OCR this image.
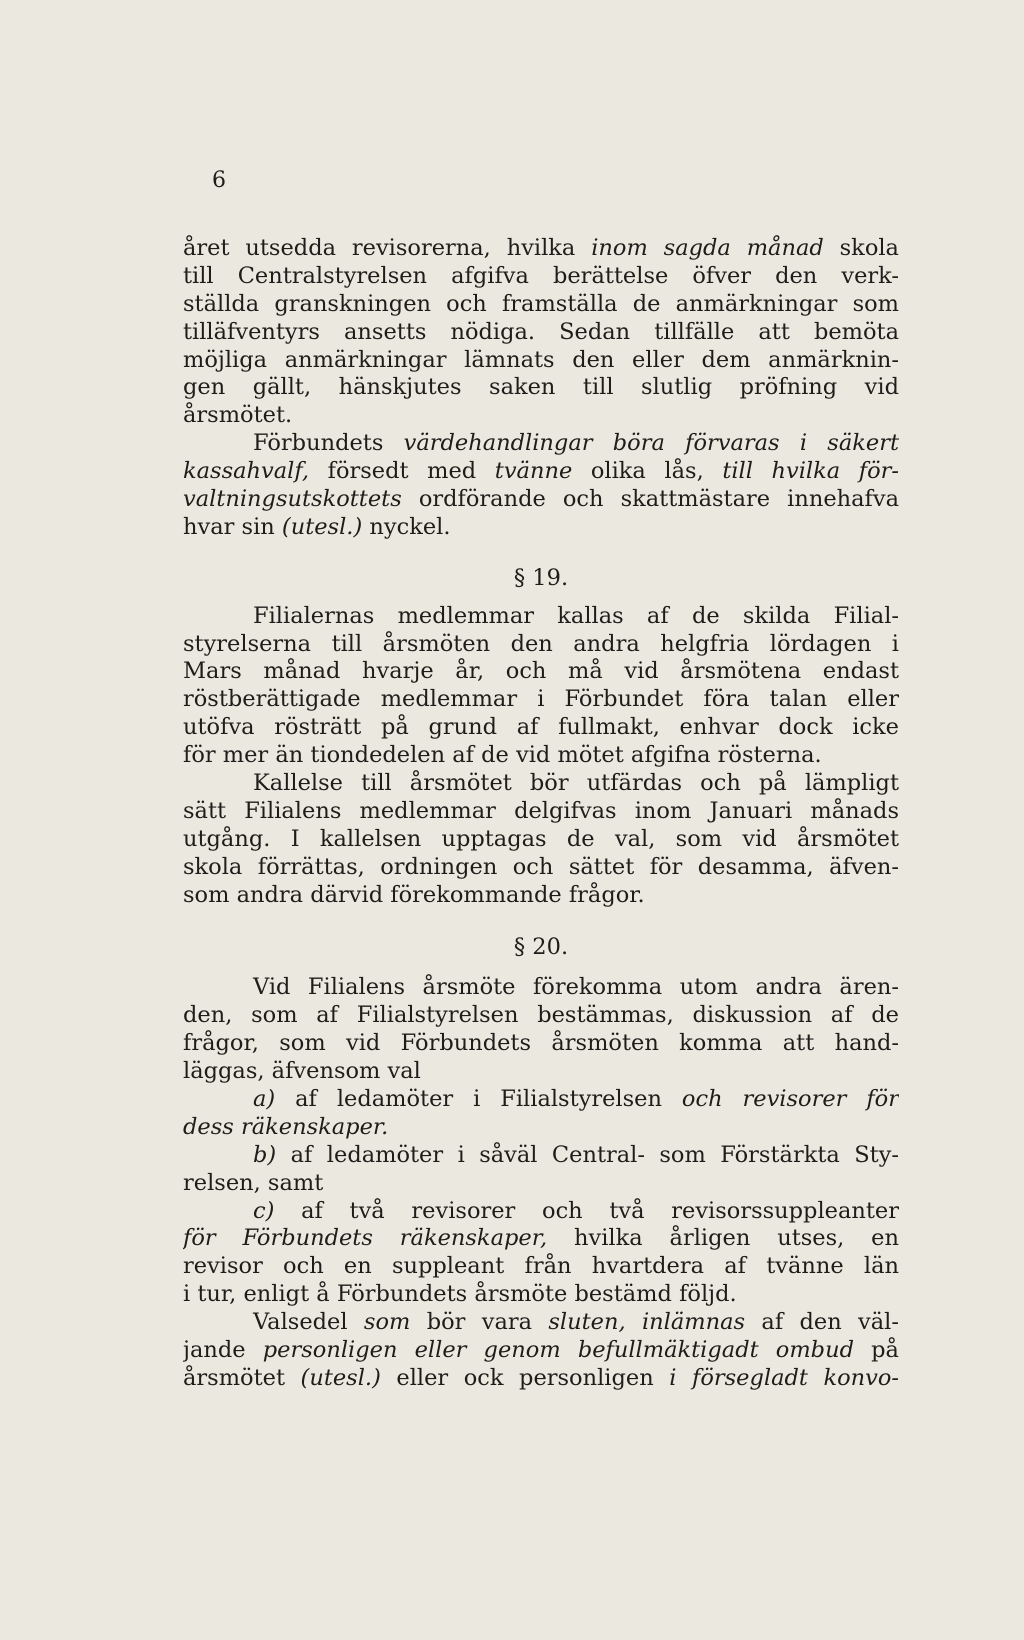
6
året utsedda revisorerna, hvilka inom sagda månad skola
till Centralstyrelsen afgifva berättelse öfver den verk-
ställda granskningen och framställa de anmärkningar som
tilläfventyrs ansetts nödiga. Sedan tillfälle att bemöta
möjliga anmärkningar lämnats den eller dem anmärknin-
gen gällt, hänskjutes saken till slutlig pröfning vid
årsmötet.
Förbundets värdehandlingar böra förvaras i säkert
kassahvalf, försedt med tvänne olika lås, till hvilka för-
valtningsutskottets ordförande och skattmästare innehafva
hvar sin (utesl.) nyckel.
§ 19.
Filialernas medlemmar kallas af de skilda Filial-
styrelserna till årsmöten den andra helgfria lördagen i
Mars månad hvarje år, och må vid årsmötena endast
röstberättigade medlemmar i Förbundet föra talan eller
utöfva rösträtt på grund af fullmakt, enhvar dock icke
för mer än tiondedelen af de vid mötet afgifna rösterna.
Kallelse till årsmötet bör utfärdas och på lämpligt
sätt Filialens medlemmar delgifvas inom Januari månads
utgång. I kallelsen upptagas de val, som vid årsmötet
skola förrättas, ordningen och sättet för desamma, äfven-
som andra därvid förekommande frågor.
§ 20.
Vid Filialens årsmöte förekomma utom andra ären-
den, som af Filialstyrelsen bestämmas, diskussion af de
frågor, som vid Förbundets årsmöten komma att hand-
läggas, äfvensom val
a) af ledamöter i Filialstyrelsen och revisorer för
dess räkenskaper.
b) af ledamöter i såväl Central- som Förstärkta Sty-
relsen, samt
c) af två revisorer och två revisorssuppleanter
för Förbundets räkenskaper, hvilka årligen utses, en
revisor och en suppleant från hvartdera af tvänne län
i tur, enligt å Förbundets årsmöte bestämd följd.
Valsedel som bör vara sluten, inlämnas af den väl-
jande personligen eller genom befullmäktigadt ombud på
årsmötet (utesl.) eller ock personligen i försegladt konvo-
